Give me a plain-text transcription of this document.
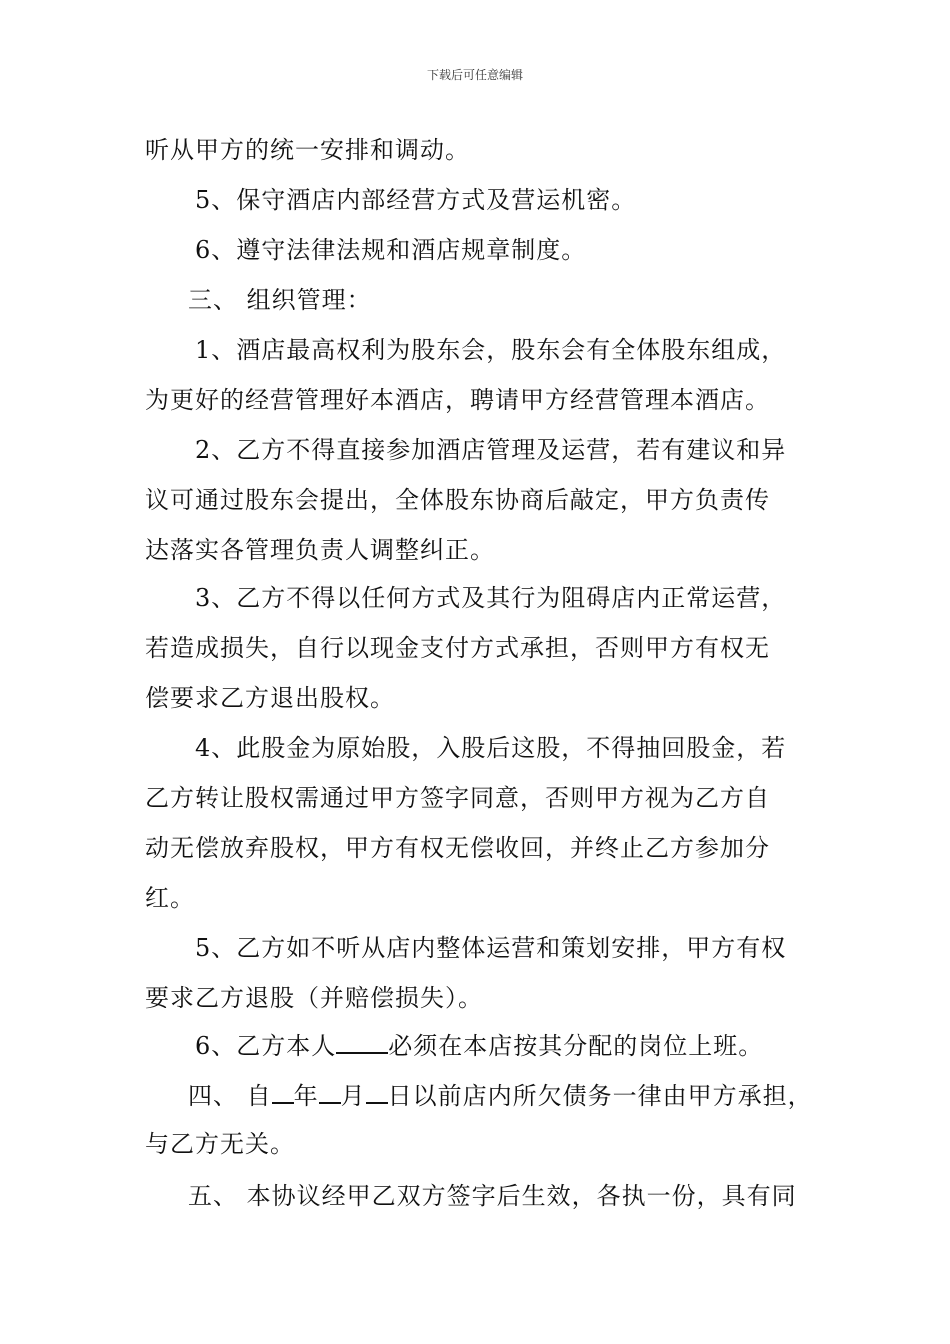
下载后可任意编辑
听从甲方的统一安排和调动。
5、保守酒店内部经营方式及营运机密。
6、遵守法律法规和酒店规章制度。
三、 组织管理：
1、酒店最高权利为股东会，股东会有全体股东组成，
为更好的经营管理好本酒店，聘请甲方经营管理本酒店。
2、乙方不得直接参加酒店管理及运营，若有建议和异
议可通过股东会提出，全体股东协商后敲定，甲方负责传
达落实各管理负责人调整纠正。
3、乙方不得以任何方式及其行为阻碍店内正常运营，
若造成损失，自行以现金支付方式承担，否则甲方有权无
偿要求乙方退出股权。
4、此股金为原始股，入股后这股，不得抽回股金，若
乙方转让股权需通过甲方签字同意，否则甲方视为乙方自
动无偿放弃股权，甲方有权无偿收回，并终止乙方参加分
红。
5、乙方如不听从店内整体运营和策划安排，甲方有权
要求乙方退股（并赔偿损失）。
6、乙方本人 必须在本店按其分配的岗位上班。
四、 自 年 月 日以前店内所欠债务一律由甲方承担，
与乙方无关。
五、 本协议经甲乙双方签字后生效，各执一份，具有同
